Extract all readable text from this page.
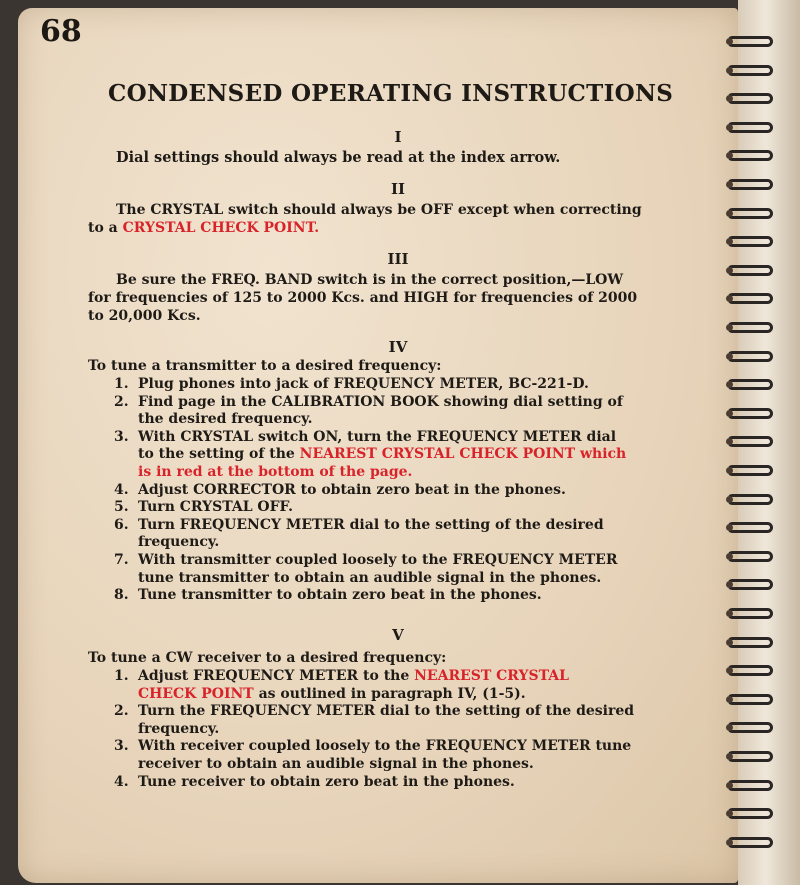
68
CONDENSED OPERATING INSTRUCTIONS
I
Dial settings should always be read at the index arrow.
II
The CRYSTAL switch should always be OFF except when correcting
to a CRYSTAL CHECK POINT.
III
Be sure the FREQ. BAND switch is in the correct position,—LOW
for frequencies of 125 to 2000 Kcs. and HIGH for frequencies of 2000
to 20,000 Kcs.
IV
To tune a transmitter to a desired frequency:
1. Plug phones into jack of FREQUENCY METER, BC-221-D.
2. Find page in the CALIBRATION BOOK showing dial setting of
the desired frequency.
3. With CRYSTAL switch ON, turn the FREQUENCY METER dial
to the setting of the NEAREST CRYSTAL CHECK POINT which
is in red at the bottom of the page.
4. Adjust CORRECTOR to obtain zero beat in the phones.
5. Turn CRYSTAL OFF.
6. Turn FREQUENCY METER dial to the setting of the desired
frequency.
7. With transmitter coupled loosely to the FREQUENCY METER
tune transmitter to obtain an audible signal in the phones.
8. Tune transmitter to obtain zero beat in the phones.
V
To tune a CW receiver to a desired frequency:
1. Adjust FREQUENCY METER to the NEAREST CRYSTAL
CHECK POINT as outlined in paragraph IV, (1-5).
2. Turn the FREQUENCY METER dial to the setting of the desired
frequency.
3. With receiver coupled loosely to the FREQUENCY METER tune
receiver to obtain an audible signal in the phones.
4. Tune receiver to obtain zero beat in the phones.
